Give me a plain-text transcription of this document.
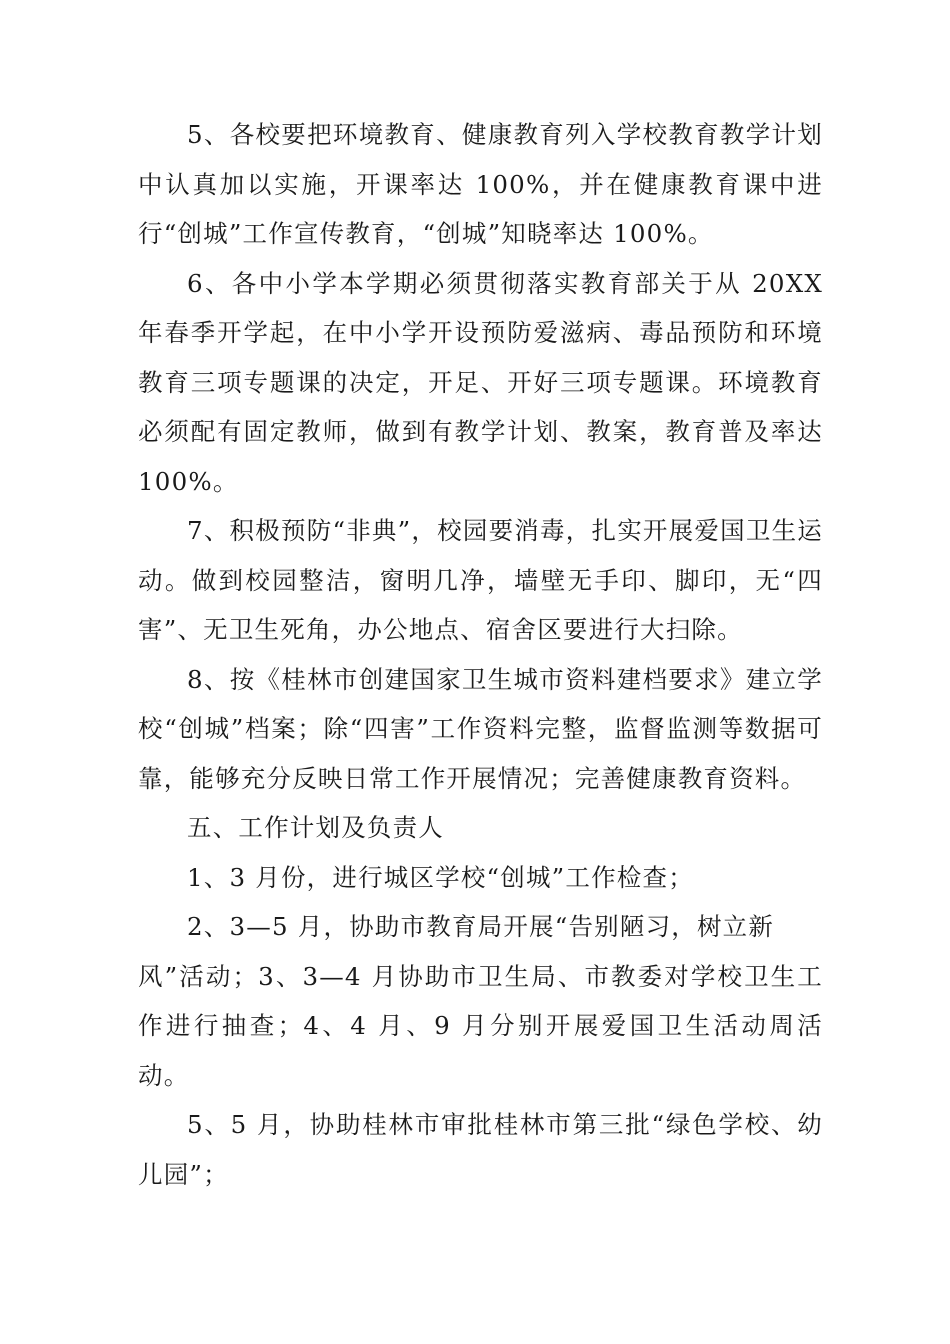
5、各校要把环境教育、健康教育列入学校教育教学计划中认真加以实施，开课率达 100%，并在健康教育课中进行“创城”工作宣传教育，“创城”知晓率达 100%。

6、各中小学本学期必须贯彻落实教育部关于从 20XX 年春季开学起，在中小学开设预防爱滋病、毒品预防和环境教育三项专题课的决定，开足、开好三项专题课。环境教育必须配有固定教师，做到有教学计划、教案，教育普及率达 100%。

7、积极预防“非典”，校园要消毒，扎实开展爱国卫生运动。做到校园整洁，窗明几净，墙壁无手印、脚印，无“四害”、无卫生死角，办公地点、宿舍区要进行大扫除。

8、按《桂林市创建国家卫生城市资料建档要求》建立学校“创城”档案；除“四害”工作资料完整，监督监测等数据可靠，能够充分反映日常工作开展情况；完善健康教育资料。

五、工作计划及负责人

1、3 月份，进行城区学校“创城”工作检查；

2、3—5 月，协助市教育局开展“告别陋习，树立新
风”活动；3、3—4 月协助市卫生局、市教委对学校卫生工作进行抽查；4、4 月、9 月分别开展爱国卫生活动周活动。

5、5 月，协助桂林市审批桂林市第三批“绿色学校、幼儿园”；
